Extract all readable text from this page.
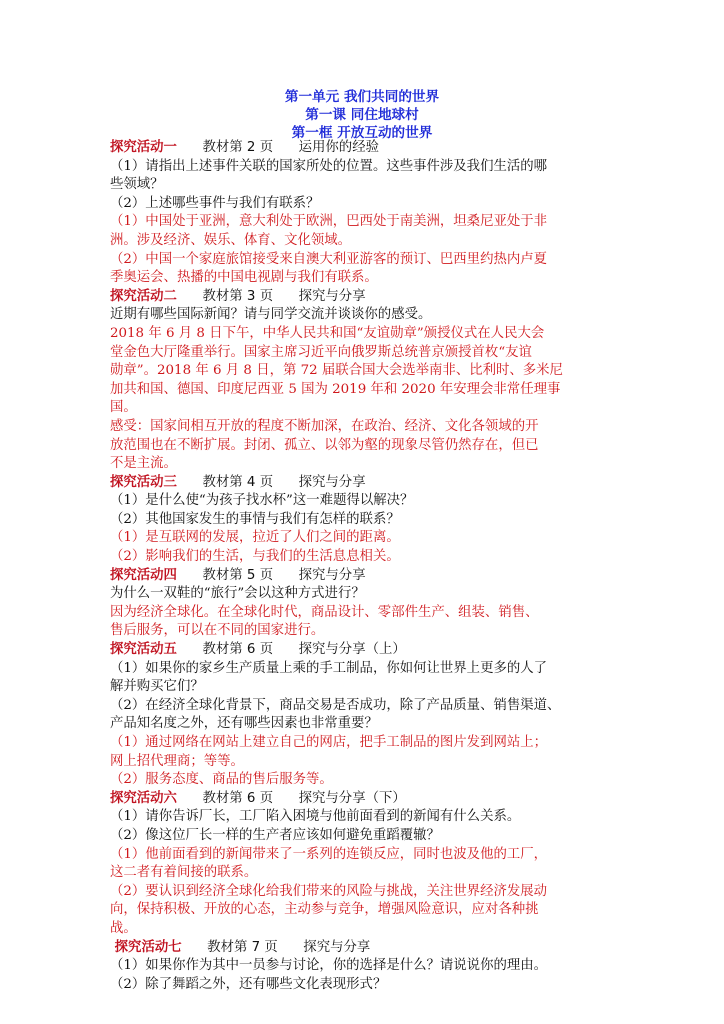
第一单元 我们共同的世界
第一课 同住地球村
第一框 开放互动的世界
探究活动一      教材第 2 页      运用你的经验
（1）请指出上述事件关联的国家所处的位置。这些事件涉及我们生活的哪
些领域？
（2）上述哪些事件与我们有联系？
（1）中国处于亚洲，意大利处于欧洲，巴西处于南美洲，坦桑尼亚处于非
洲。涉及经济、娱乐、体育、文化领域。
（2）中国一个家庭旅馆接受来自澳大利亚游客的预订、巴西里约热内卢夏
季奥运会、热播的中国电视剧与我们有联系。
探究活动二      教材第 3 页      探究与分享
近期有哪些国际新闻？请与同学交流并谈谈你的感受。
2018 年 6 月 8 日下午，中华人民共和国“友谊勋章”颁授仪式在人民大会
堂金色大厅隆重举行。国家主席习近平向俄罗斯总统普京颁授首枚“友谊
勋章”。2018 年 6 月 8 日，第 72 届联合国大会选举南非、比利时、多米尼
加共和国、德国、印度尼西亚 5 国为 2019 年和 2020 年安理会非常任理事
国。
感受：国家间相互开放的程度不断加深，在政治、经济、文化各领域的开
放范围也在不断扩展。封闭、孤立、以邻为壑的现象尽管仍然存在，但已
不是主流。
探究活动三      教材第 4 页      探究与分享
（1）是什么使“为孩子找水杯”这一难题得以解决？
（2）其他国家发生的事情与我们有怎样的联系？
（1）是互联网的发展，拉近了人们之间的距离。
（2）影响我们的生活，与我们的生活息息相关。
探究活动四      教材第 5 页      探究与分享
为什么一双鞋的“旅行”会以这种方式进行？
因为经济全球化。在全球化时代，商品设计、零部件生产、组装、销售、
售后服务，可以在不同的国家进行。
探究活动五      教材第 6 页      探究与分享（上）
（1）如果你的家乡生产质量上乘的手工制品，你如何让世界上更多的人了
解并购买它们？
（2）在经济全球化背景下，商品交易是否成功，除了产品质量、销售渠道、
产品知名度之外，还有哪些因素也非常重要？
（1）通过网络在网站上建立自己的网店，把手工制品的图片发到网站上；
网上招代理商；等等。
（2）服务态度、商品的售后服务等。
探究活动六      教材第 6 页      探究与分享（下）
（1）请你告诉厂长，工厂陷入困境与他前面看到的新闻有什么关系。
（2）像这位厂长一样的生产者应该如何避免重蹈覆辙？
（1）他前面看到的新闻带来了一系列的连锁反应，同时也波及他的工厂，
这二者有着间接的联系。
（2）要认识到经济全球化给我们带来的风险与挑战，关注世界经济发展动
向，保持积极、开放的心态，主动参与竞争，增强风险意识，应对各种挑
战。
探究活动七      教材第 7 页      探究与分享
（1）如果你作为其中一员参与讨论，你的选择是什么？请说说你的理由。
（2）除了舞蹈之外，还有哪些文化表现形式？
